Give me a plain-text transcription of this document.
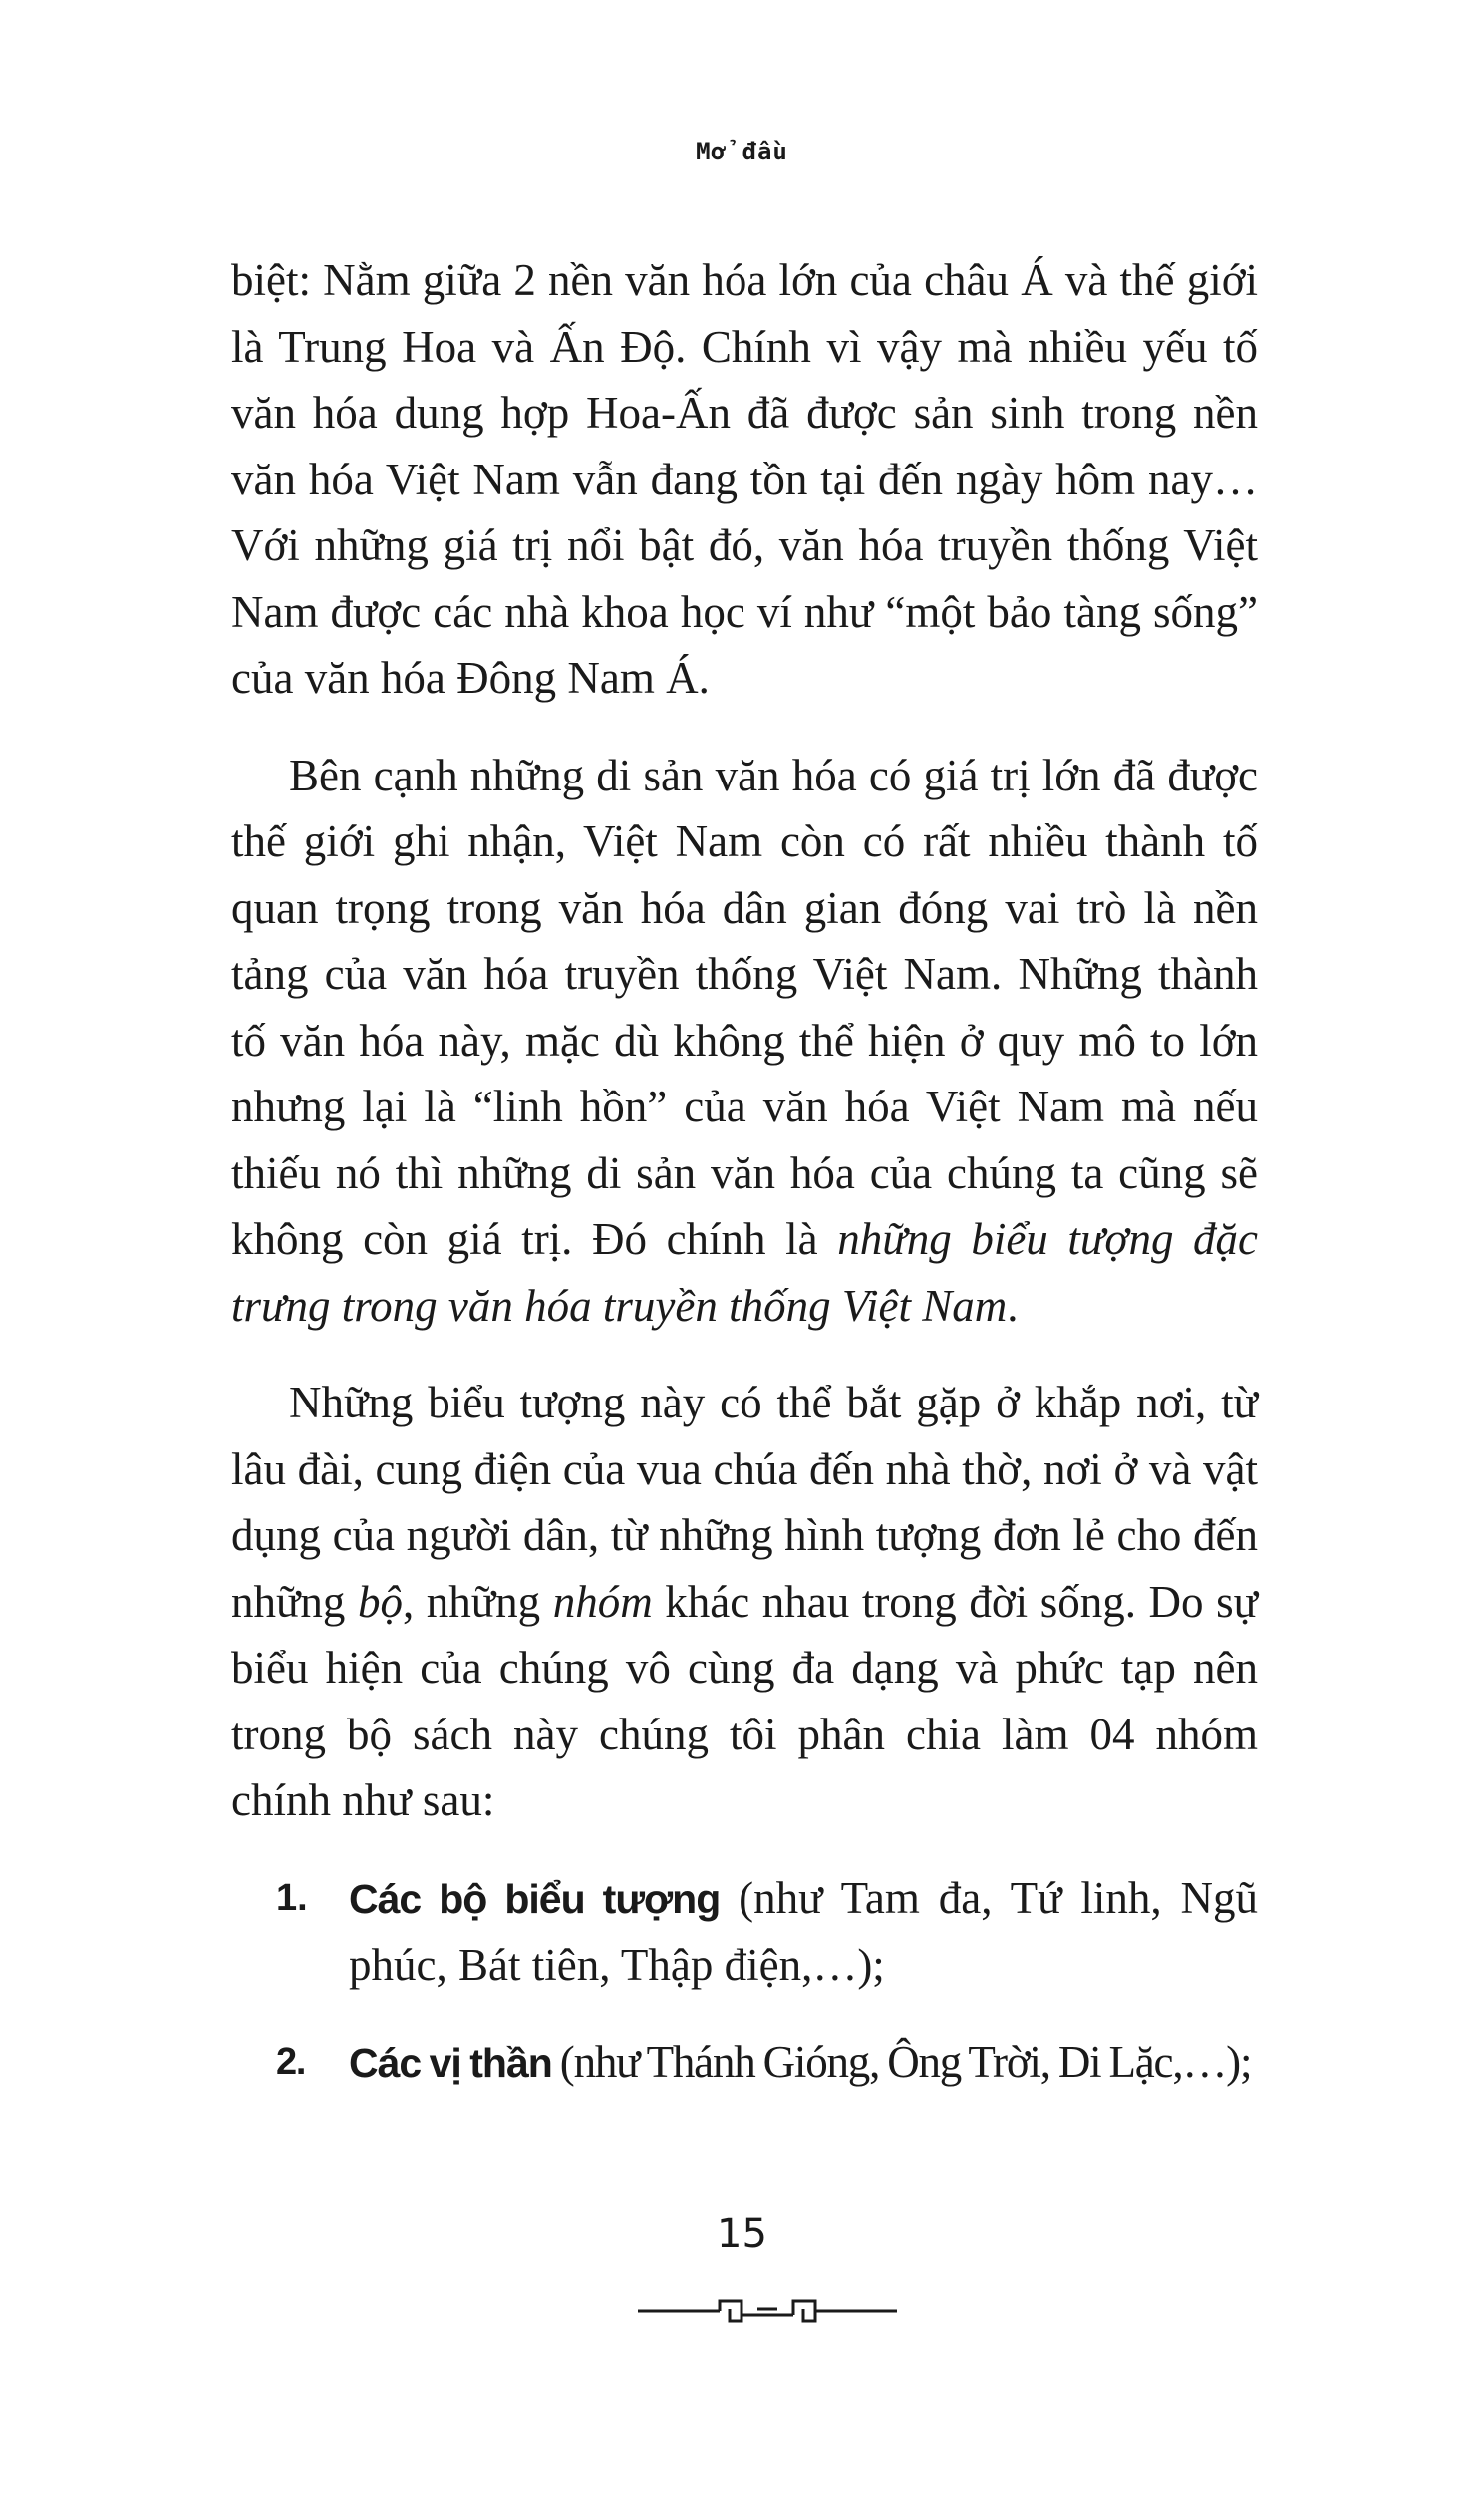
Mở đầu

biệt: Nằm giữa 2 nền văn hóa lớn của châu Á và thế giới là Trung Hoa và Ấn Độ. Chính vì vậy mà nhiều yếu tố văn hóa dung hợp Hoa-Ấn đã được sản sinh trong nền văn hóa Việt Nam vẫn đang tồn tại đến ngày hôm nay… Với những giá trị nổi bật đó, văn hóa truyền thống Việt Nam được các nhà khoa học ví như “một bảo tàng sống” của văn hóa Đông Nam Á.

Bên cạnh những di sản văn hóa có giá trị lớn đã được thế giới ghi nhận, Việt Nam còn có rất nhiều thành tố quan trọng trong văn hóa dân gian đóng vai trò là nền tảng của văn hóa truyền thống Việt Nam. Những thành tố văn hóa này, mặc dù không thể hiện ở quy mô to lớn nhưng lại là “linh hồn” của văn hóa Việt Nam mà nếu thiếu nó thì những di sản văn hóa của chúng ta cũng sẽ không còn giá trị. Đó chính là những biểu tượng đặc trưng trong văn hóa truyền thống Việt Nam.

Những biểu tượng này có thể bắt gặp ở khắp nơi, từ lâu đài, cung điện của vua chúa đến nhà thờ, nơi ở và vật dụng của người dân, từ những hình tượng đơn lẻ cho đến những bộ, những nhóm khác nhau trong đời sống. Do sự biểu hiện của chúng vô cùng đa dạng và phức tạp nên trong bộ sách này chúng tôi phân chia làm 04 nhóm chính như sau:

1. Các bộ biểu tượng (như Tam đa, Tứ linh, Ngũ phúc, Bát tiên, Thập điện,…);
2. Các vị thần (như Thánh Gióng, Ông Trời, Di Lặc,…);
15
